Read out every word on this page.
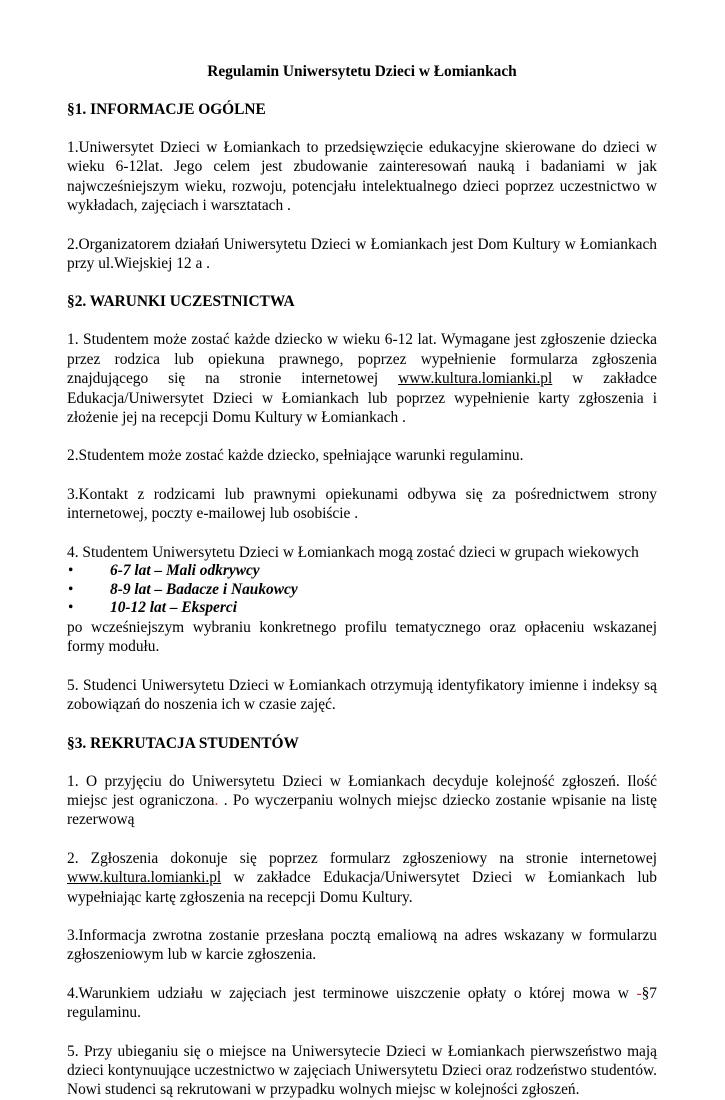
Regulamin Uniwersytetu Dzieci w Łomiankach

§1. INFORMACJE OGÓLNE

1.Uniwersytet Dzieci w Łomiankach to przedsięwzięcie edukacyjne skierowane do dzieci w wieku 6-12lat. Jego celem jest zbudowanie zainteresowań nauką i badaniami w jak najwcześniejszym wieku, rozwoju, potencjału intelektualnego dzieci poprzez uczestnictwo w wykładach, zajęciach i warsztatach .

2.Organizatorem działań Uniwersytetu Dzieci w Łomiankach jest Dom Kultury w Łomiankach przy ul.Wiejskiej 12 a .

§2. WARUNKI UCZESTNICTWA

1. Studentem może zostać każde dziecko w wieku 6-12 lat. Wymagane jest zgłoszenie dziecka przez rodzica lub opiekuna prawnego, poprzez wypełnienie formularza zgłoszenia znajdującego się na stronie internetowej www.kultura.lomianki.pl w zakładce Edukacja/Uniwersytet Dzieci w Łomiankach lub poprzez wypełnienie karty zgłoszenia i złożenie jej na recepcji Domu Kultury w Łomiankach .

2.Studentem może zostać każde dziecko, spełniające warunki regulaminu.

3.Kontakt z rodzicami lub prawnymi opiekunami odbywa się za pośrednictwem strony internetowej, poczty e-mailowej lub osobiście .

4. Studentem Uniwersytetu Dzieci w Łomiankach mogą zostać dzieci w grupach wiekowych

• 6-7 lat – Mali odkrywcy
• 8-9 lat – Badacze i Naukowcy
• 10-12 lat – Eksperci

po wcześniejszym wybraniu konkretnego profilu tematycznego oraz opłaceniu wskazanej formy modułu.

5. Studenci Uniwersytetu Dzieci w Łomiankach otrzymują identyfikatory imienne i indeksy są zobowiązań do noszenia ich w czasie zajęć.

§3. REKRUTACJA STUDENTÓW

1. O przyjęciu do Uniwersytetu Dzieci w Łomiankach decyduje kolejność zgłoszeń. Ilość miejsc jest ograniczona. . Po wyczerpaniu wolnych miejsc dziecko zostanie wpisanie na listę rezerwową

2. Zgłoszenia dokonuje się poprzez formularz zgłoszeniowy na stronie internetowej www.kultura.lomianki.pl w zakładce Edukacja/Uniwersytet Dzieci w Łomiankach lub wypełniając kartę zgłoszenia na recepcji Domu Kultury.

3.Informacja zwrotna zostanie przesłana pocztą emaliową na adres wskazany w formularzu zgłoszeniowym lub w karcie zgłoszenia.

4.Warunkiem udziału w zajęciach jest terminowe uiszczenie opłaty o której mowa w -§7 regulaminu.

5. Przy ubieganiu się o miejsce na Uniwersytecie Dzieci w Łomiankach pierwszeństwo mają dzieci kontynuujące uczestnictwo w zajęciach Uniwersytetu Dzieci oraz rodzeństwo studentów. Nowi studenci są rekrutowani w przypadku wolnych miejsc w kolejności zgłoszeń.
